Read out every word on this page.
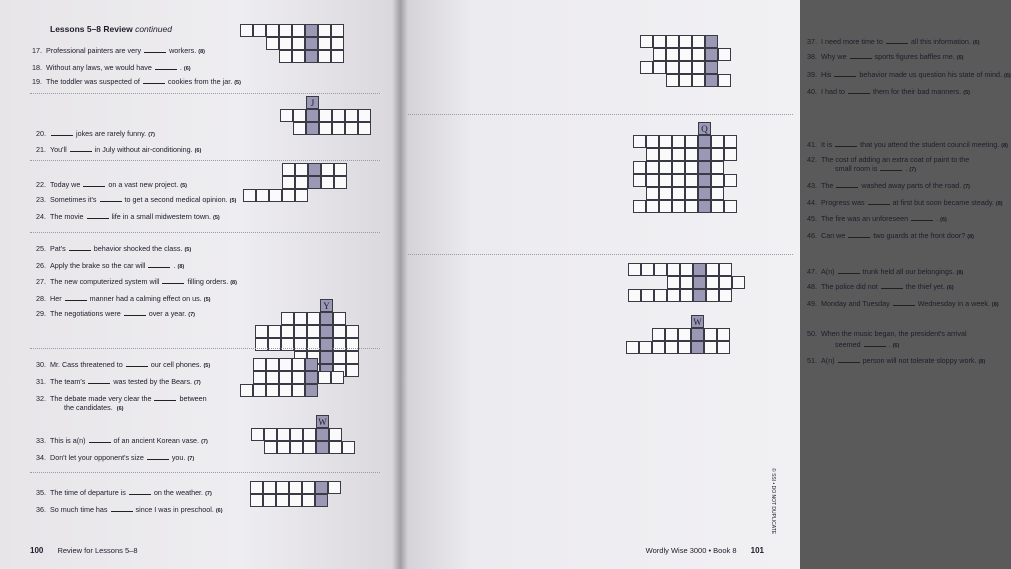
Lessons 5–8 Review continued
17. Professional painters are very	workers. (8)
18. Without any laws, we would have	. (6)
19. The toddler was suspected of	cookies from the jar. (5)
20.	jokes are rarely funny. (7)
21. You'll	in July without air-conditioning. (6)
22. Today we	on a vast new project. (5)
23. Sometimes it's	to get a second medical opinion. (5)
24. The movie	life in a small midwestern town. (5)
25. Pat's	behavior shocked the class. (5)
26. Apply the brake so the car will	. (8)
27. The new computerized system will	filling orders. (8)
28. Her	manner had a calming effect on us. (5)
29. The negotiations were	over a year. (7)
30. Mr. Cass threatened to	our cell phones. (5)
31. The team's	was tested by the Bears. (7)
32. The debate made very clear the	between
the candidates. (6)
33. This is a(n)	of an ancient Korean vase. (7)
34. Don't let your opponent's size	you. (7)
35. The time of departure is	on the weather. (7)
36. So much time has	since I was in preschool. (6)
J
Y
W
100 Review for Lessons 5–8
37. I need more time to	all this information. (6)
38. Why we	sports figures baffles me. (6)
39. His	behavior made us question his state of mind. (6)
40. I had to	them for their bad manners. (5)
41. It is	that you attend the student council meeting. (8)
42. The cost of adding an extra coat of paint to the
small room is	. (7)
43. The	washed away parts of the road. (7)
44. Progress was	at first but soon became steady. (8)
45. The fire was an unforeseen	. (6)
46. Can we	two guards at the front door? (8)
47. A(n)	trunk held all our belongings. (8)
48. The police did not	the thief yet. (6)
49. Monday and Tuesday	Wednesday in a week. (8)
50. When the music began, the president's arrival
seemed	. (6)
51. A(n)	person will not tolerate sloppy work. (8)
Q
W
Wordly Wise 3000 • Book 8 101
© SSI • DO NOT DUPLICATE
